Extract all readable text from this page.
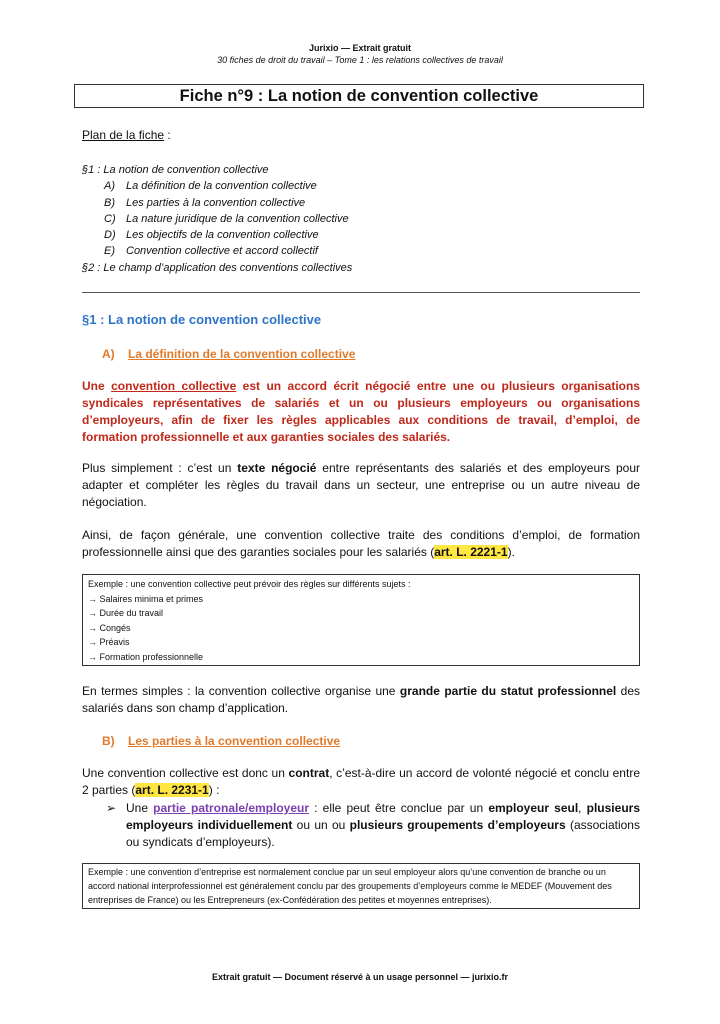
Jurixio — Extrait gratuit
30 fiches de droit du travail – Tome 1 : les relations collectives de travail
Fiche n°9 : La notion de convention collective
Plan de la fiche :
§1 : La notion de convention collective
A) La définition de la convention collective
B) Les parties à la convention collective
C) La nature juridique de la convention collective
D) Les objectifs de la convention collective
E) Convention collective et accord collectif
§2 : Le champ d’application des conventions collectives
§1 : La notion de convention collective
A) La définition de la convention collective
Une convention collective est un accord écrit négocié entre une ou plusieurs organisations syndicales représentatives de salariés et un ou plusieurs employeurs ou organisations d’employeurs, afin de fixer les règles applicables aux conditions de travail, d’emploi, de formation professionnelle et aux garanties sociales des salariés.
Plus simplement : c’est un texte négocié entre représentants des salariés et des employeurs pour adapter et compléter les règles du travail dans un secteur, une entreprise ou un autre niveau de négociation.
Ainsi, de façon générale, une convention collective traite des conditions d’emploi, de formation professionnelle ainsi que des garanties sociales pour les salariés (art. L. 2221-1).
Exemple : une convention collective peut prévoir des règles sur différents sujets :
→ Salaires minima et primes
→ Durée du travail
→ Congés
→ Préavis
→ Formation professionnelle
En termes simples : la convention collective organise une grande partie du statut professionnel des salariés dans son champ d’application.
B) Les parties à la convention collective
Une convention collective est donc un contrat, c’est-à-dire un accord de volonté négocié et conclu entre 2 parties (art. L. 2231-1) :
➢ Une partie patronale/employeur : elle peut être conclue par un employeur seul, plusieurs employeurs individuellement ou un ou plusieurs groupements d’employeurs (associations ou syndicats d’employeurs).
Exemple : une convention d’entreprise est normalement conclue par un seul employeur alors qu’une convention de branche ou un accord national interprofessionnel est généralement conclu par des groupements d’employeurs comme le MEDEF (Mouvement des entreprises de France) ou les Entrepreneurs (ex-Confédération des petites et moyennes entreprises).
Extrait gratuit — Document réservé à un usage personnel — jurixio.fr
